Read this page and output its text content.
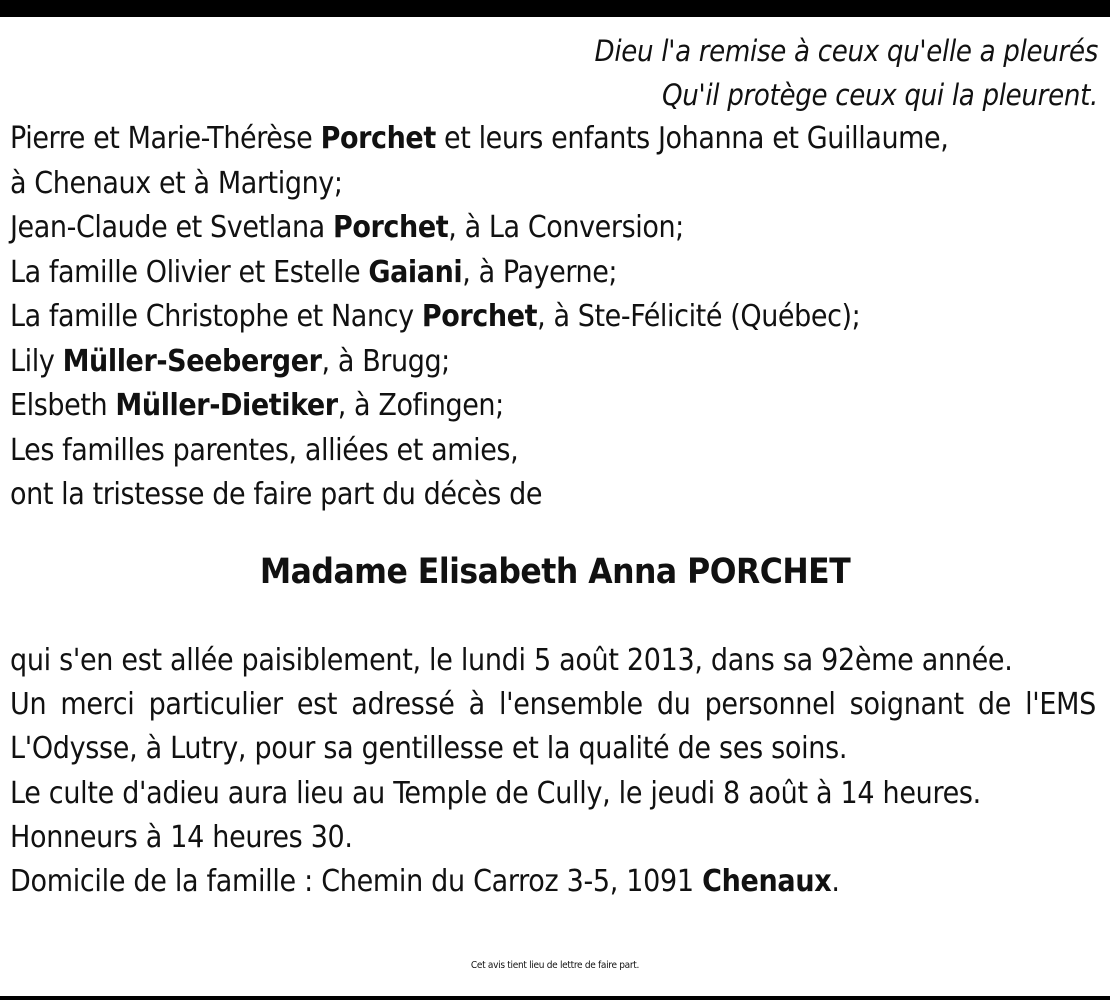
Dieu l'a remise à ceux qu'elle a pleurés
Qu'il protège ceux qui la pleurent.
Pierre et Marie-Thérèse Porchet et leurs enfants Johanna et Guillaume,
à Chenaux et à Martigny;
Jean-Claude et Svetlana Porchet, à La Conversion;
La famille Olivier et Estelle Gaiani, à Payerne;
La famille Christophe et Nancy Porchet, à Ste-Félicité (Québec);
Lily Müller-Seeberger, à Brugg;
Elsbeth Müller-Dietiker, à Zofingen;
Les familles parentes, alliées et amies,
ont la tristesse de faire part du décès de
Madame Elisabeth Anna PORCHET

qui s'en est allée paisiblement, le lundi 5 août 2013, dans sa 92ème année.

Un merci particulier est adressé à l'ensemble du personnel soignant de l'EMS L'Odysse, à Lutry, pour sa gentillesse et la qualité de ses soins.

Le culte d'adieu aura lieu au Temple de Cully, le jeudi 8 août à 14 heures.

Honneurs à 14 heures 30.

Domicile de la famille : Chemin du Carroz 3-5, 1091 Chenaux.

Cet avis tient lieu de lettre de faire part.
